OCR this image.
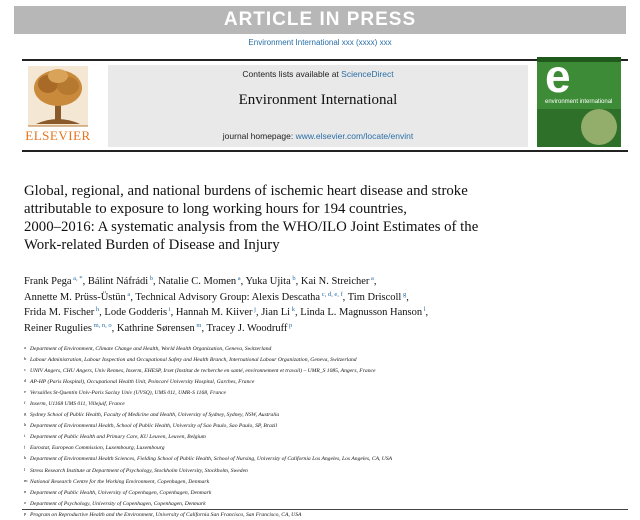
ARTICLE IN PRESS
Environment International xxx (xxxx) xxx
ELSEVIER
Contents lists available at ScienceDirect
Environment International
journal homepage: www.elsevier.com/locate/envint
e
environment international
Global, regional, and national burdens of ischemic heart disease and stroke
attributable to exposure to long working hours for 194 countries,
2000–2016: A systematic analysis from the WHO/ILO Joint Estimates of the
Work-related Burden of Disease and Injury
Frank Pega $^{a, *}$, Bálint Náfrádi $^b$, Natalie C. Momen $^a$, Yuka Ujita $^b$, Kai N. Streicher $^a$,
Annette M. Prüss-Üstün $^a$, Technical Advisory Group: Alexis Descatha $^{c, d, e, f}$, Tim Driscoll $^g$,
Frida M. Fischer $^h$, Lode Godderis $^i$, Hannah M. Kiiver $^j$, Jian Li $^k$, Linda L. Magnusson Hanson $^l$,
Reiner Rugulies $^{m, n, o}$, Kathrine Sørensen $^m$, Tracey J. Woodruff $^p$
a Department of Environment, Climate Change and Health, World Health Organization, Geneva, Switzerland
b Labour Administration, Labour Inspection and Occupational Safety and Health Branch, International Labour Organization, Geneva, Switzerland
c UNIV Angers, CHU Angers, Univ Rennes, Inserm, EHESP, Irset (Institut de recherche en santé, environnement et travail) – UMR_S 1085, Angers, France
d AP-HP (Paris Hospital), Occupational Health Unit, Poincaré University Hospital, Garches, France
e Versailles St-Quentin Univ-Paris Saclay Univ (UVSQ), UMS 011, UMR-S 1168, France
f Inserm, U1168 UMS 011, Villejuif, France
g Sydney School of Public Health, Faculty of Medicine and Health, University of Sydney, Sydney, NSW, Australia
h Department of Environmental Health, School of Public Health, University of Sao Paulo, Sao Paulo, SP, Brazil
i Department of Public Health and Primary Care, KU Leuven, Leuven, Belgium
j Eurostat, European Commission, Luxembourg, Luxembourg
k Department of Environmental Health Sciences, Fielding School of Public Health, School of Nursing, University of California Los Angeles, Los Angeles, CA, USA
l Stress Research Institute at Department of Psychology, Stockholm University, Stockholm, Sweden
m National Research Centre for the Working Environment, Copenhagen, Denmark
n Department of Public Health, University of Copenhagen, Copenhagen, Denmark
o Department of Psychology, University of Copenhagen, Copenhagen, Denmark
p Program on Reproductive Health and the Environment, University of California San Francisco, San Francisco, CA, USA
